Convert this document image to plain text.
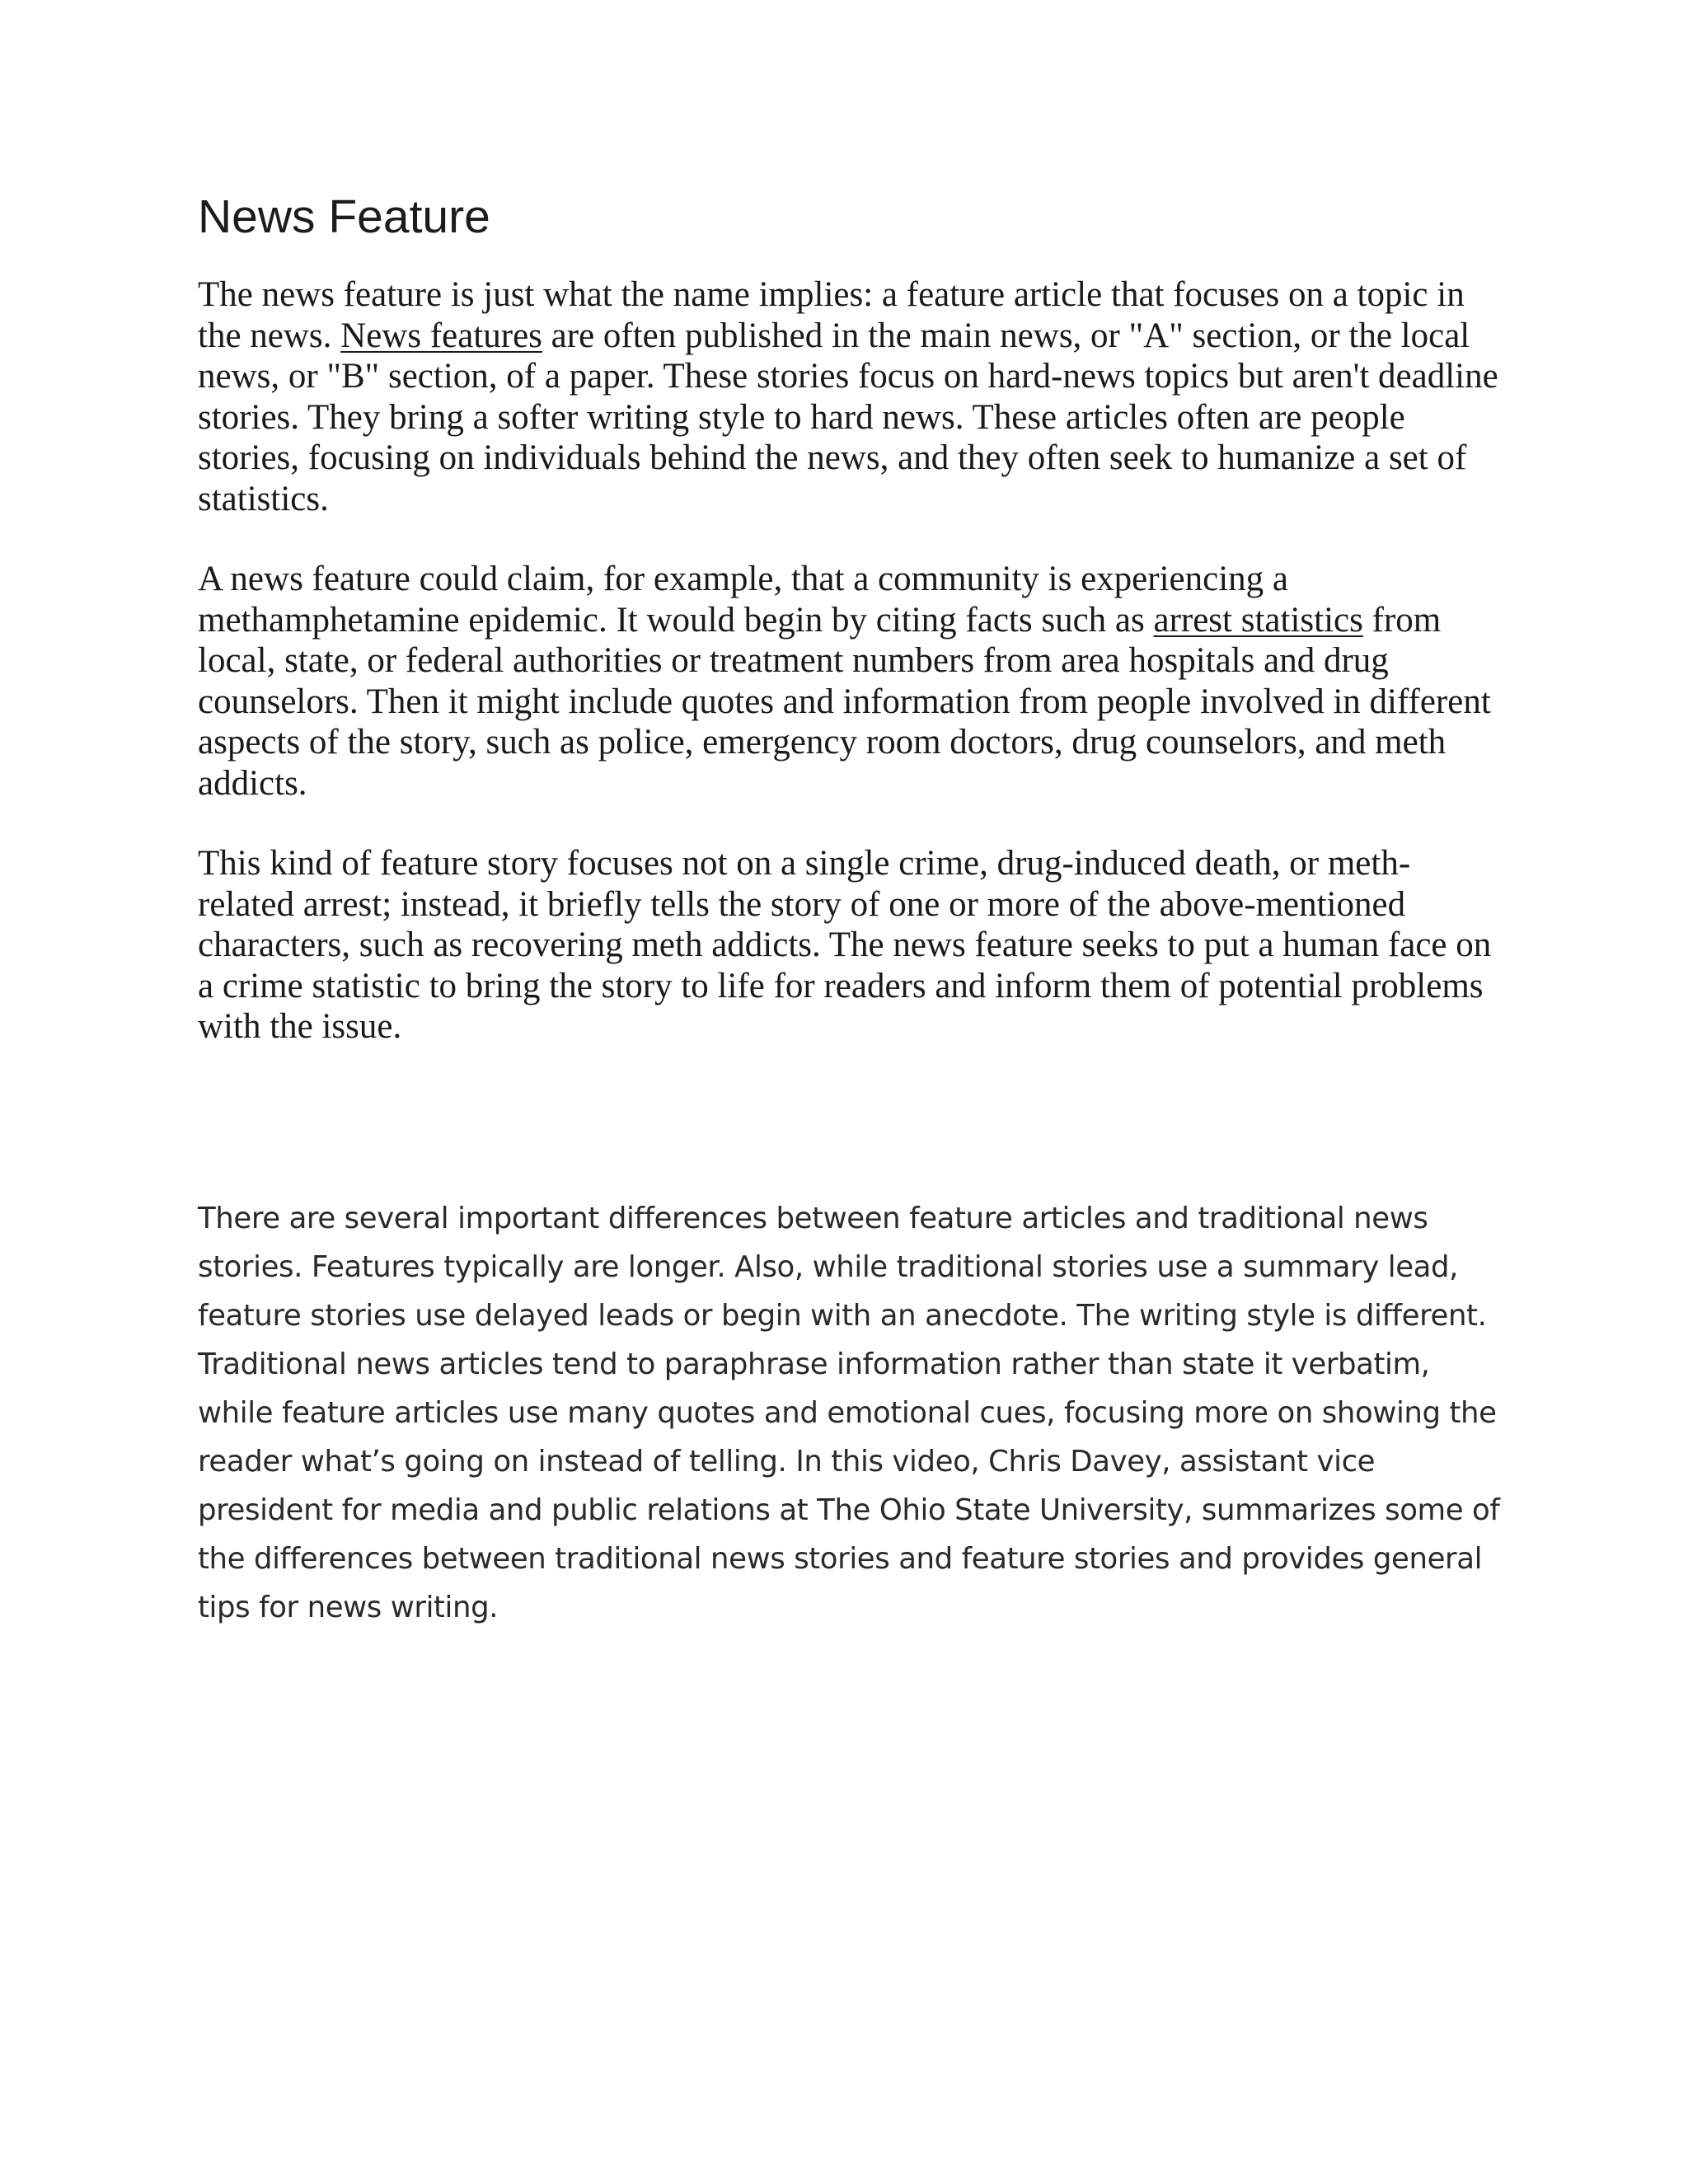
News Feature

The news feature is just what the name implies: a feature article that focuses on a topic in the news. News features are often published in the main news, or "A" section, or the local news, or "B" section, of a paper. These stories focus on hard-news topics but aren't deadline stories. They bring a softer writing style to hard news. These articles often are people stories, focusing on individuals behind the news, and they often seek to humanize a set of statistics.

A news feature could claim, for example, that a community is experiencing a methamphetamine epidemic. It would begin by citing facts such as arrest statistics from local, state, or federal authorities or treatment numbers from area hospitals and drug counselors. Then it might include quotes and information from people involved in different aspects of the story, such as police, emergency room doctors, drug counselors, and meth addicts.

This kind of feature story focuses not on a single crime, drug-induced death, or meth-related arrest; instead, it briefly tells the story of one or more of the above-mentioned characters, such as recovering meth addicts. The news feature seeks to put a human face on a crime statistic to bring the story to life for readers and inform them of potential problems with the issue.

There are several important differences between feature articles and traditional news stories. Features typically are longer. Also, while traditional stories use a summary lead, feature stories use delayed leads or begin with an anecdote. The writing style is different. Traditional news articles tend to paraphrase information rather than state it verbatim, while feature articles use many quotes and emotional cues, focusing more on showing the reader what’s going on instead of telling. In this video, Chris Davey, assistant vice president for media and public relations at The Ohio State University, summarizes some of the differences between traditional news stories and feature stories and provides general tips for news writing.
